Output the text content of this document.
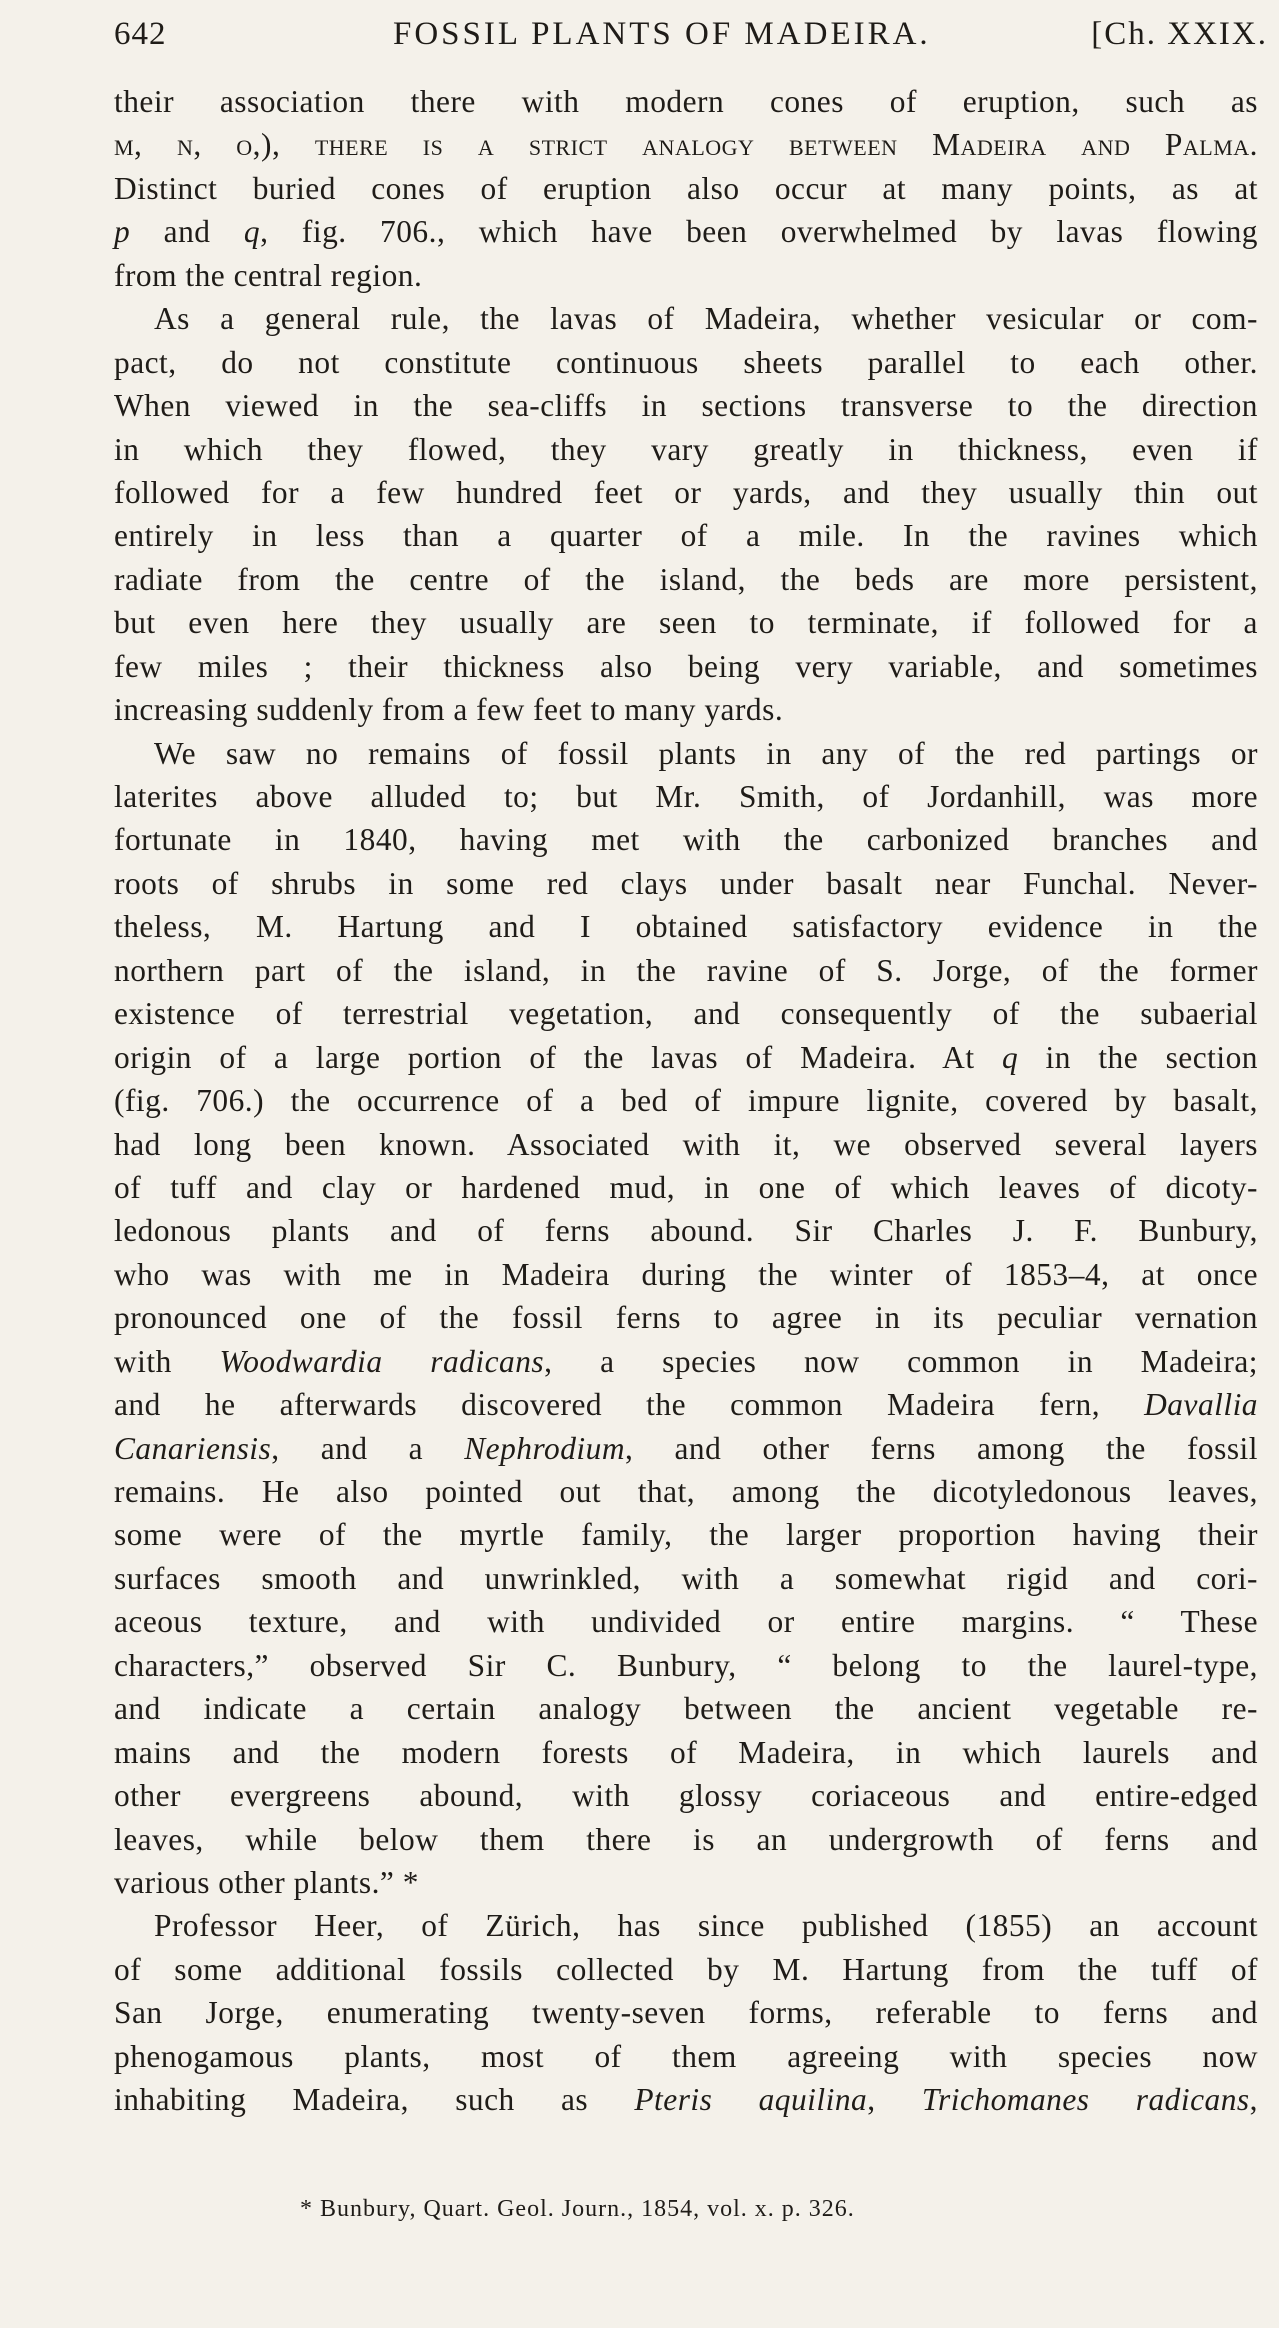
642	FOSSIL PLANTS OF MADEIRA.	[Ch. XXIX.
their association there with modern cones of eruption, such as
m, n, o,), there is a strict analogy between Madeira and Palma.
Distinct buried cones of eruption also occur at many points, as at
p and q, fig. 706., which have been overwhelmed by lavas flowing
from the central region.
As a general rule, the lavas of Madeira, whether vesicular or com-
pact, do not constitute continuous sheets parallel to each other.
When viewed in the sea-cliffs in sections transverse to the direction
in which they flowed, they vary greatly in thickness, even if
followed for a few hundred feet or yards, and they usually thin out
entirely in less than a quarter of a mile. In the ravines which
radiate from the centre of the island, the beds are more persistent,
but even here they usually are seen to terminate, if followed for a
few miles ; their thickness also being very variable, and sometimes
increasing suddenly from a few feet to many yards.
We saw no remains of fossil plants in any of the red partings or
laterites above alluded to; but Mr. Smith, of Jordanhill, was more
fortunate in 1840, having met with the carbonized branches and
roots of shrubs in some red clays under basalt near Funchal. Never-
theless, M. Hartung and I obtained satisfactory evidence in the
northern part of the island, in the ravine of S. Jorge, of the former
existence of terrestrial vegetation, and consequently of the subaerial
origin of a large portion of the lavas of Madeira. At q in the section
(fig. 706.) the occurrence of a bed of impure lignite, covered by basalt,
had long been known. Associated with it, we observed several layers
of tuff and clay or hardened mud, in one of which leaves of dicoty-
ledonous plants and of ferns abound. Sir Charles J. F. Bunbury,
who was with me in Madeira during the winter of 1853–4, at once
pronounced one of the fossil ferns to agree in its peculiar vernation
with Woodwardia radicans, a species now common in Madeira;
and he afterwards discovered the common Madeira fern, Davallia
Canariensis, and a Nephrodium, and other ferns among the fossil
remains. He also pointed out that, among the dicotyledonous leaves,
some were of the myrtle family, the larger proportion having their
surfaces smooth and unwrinkled, with a somewhat rigid and cori-
aceous texture, and with undivided or entire margins. “ These
characters,” observed Sir C. Bunbury, “ belong to the laurel-type,
and indicate a certain analogy between the ancient vegetable re-
mains and the modern forests of Madeira, in which laurels and
other evergreens abound, with glossy coriaceous and entire-edged
leaves, while below them there is an undergrowth of ferns and
various other plants.” *
Professor Heer, of Zürich, has since published (1855) an account
of some additional fossils collected by M. Hartung from the tuff of
San Jorge, enumerating twenty-seven forms, referable to ferns and
phenogamous plants, most of them agreeing with species now
inhabiting Madeira, such as Pteris aquilina, Trichomanes radicans,
* Bunbury, Quart. Geol. Journ., 1854, vol. x. p. 326.
